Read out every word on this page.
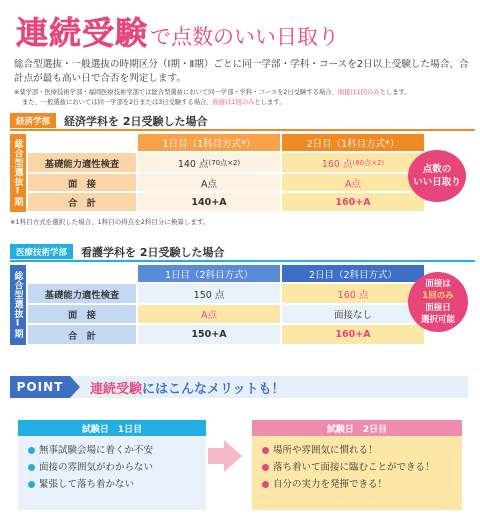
連続受験で点数のいい日取り
総合型選抜・一般選抜の時期区分（Ⅰ期・Ⅱ期）ごとに同一学部・学科・コースを2日以上受験した場合、合計点が最も高い日で合否を判定します。
※薬学部・医療技術学部・福岡医療技術学部では総合型選抜において同一学部・学科・コースを2日受験する場合、面接は1回のみとします。
また、一般選抜においては同一学部を2日または3日受験する場合、面接は1回のみとします。
経済学部	経済学科を 2日受験した場合
総合型選抜Ⅰ期	1日目（1科目方式*）	2日目（1科目方式*）
基礎能力適性検査	140 点 (70点×2)	160 点 (80点×2)
面　接	A点	A点
合　計	140+A	160+A
点数の
いい日取り
※1科目方式を選択した場合、1科目の得点を2科目分に換算します。
医療技術学部	看護学科を 2日受験した場合
総合型選抜Ⅰ期	1日目（2科目方式）	2日目（2科目方式）
基礎能力適性検査	150 点	160 点
面　接	A点	面接なし
合　計	150+A	160+A
面接は
1回のみ
面接日
選択可能
POINT	連続受験にはこんなメリットも！
試験日　1日目
無事試験会場に着くか不安
面接の雰囲気がわからない
緊張して落ち着かない
試験日　2日目
場所や雰囲気に慣れる！
落ち着いて面接に臨むことができる！
自分の実力を発揮できる！
